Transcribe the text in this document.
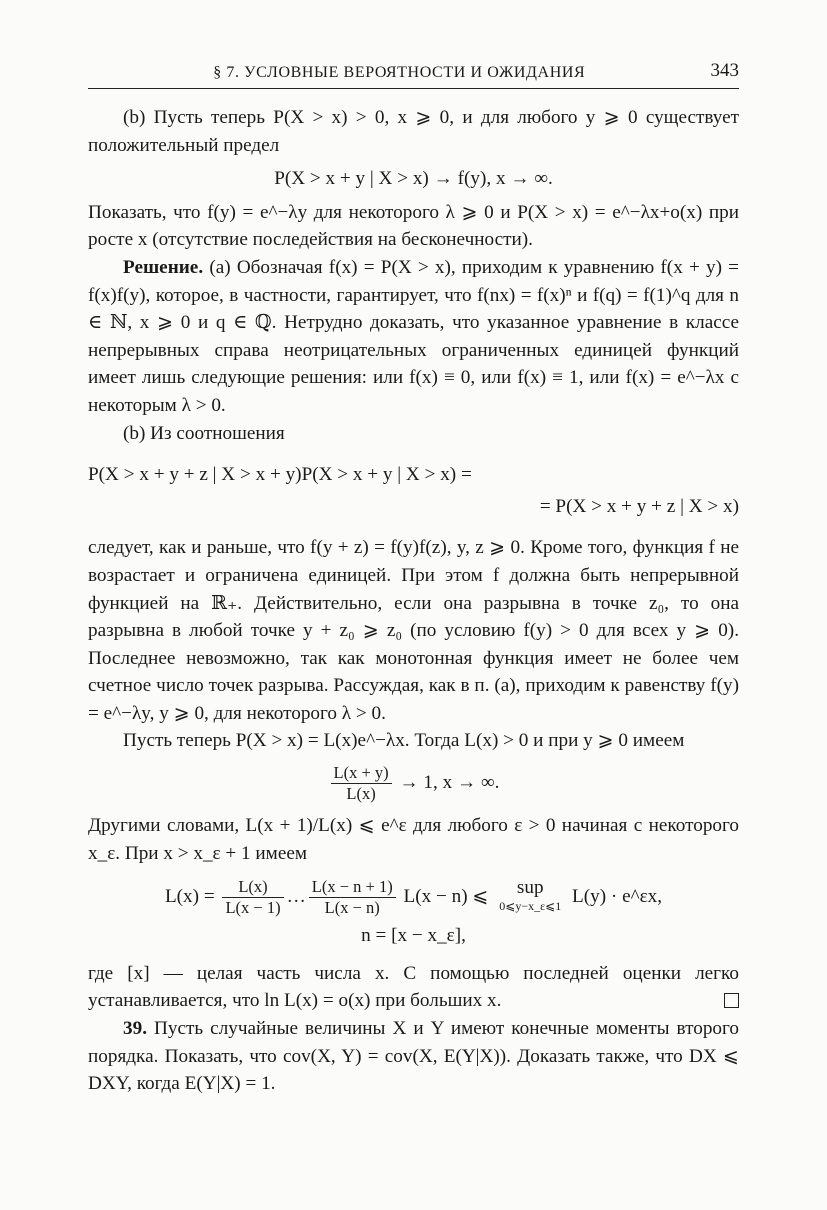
§ 7. УСЛОВНЫЕ ВЕРОЯТНОСТИ И ОЖИДАНИЯ	343

(b) Пусть теперь P(X > x) > 0, x ⩾ 0, и для любого y ⩾ 0 существует положительный предел

P(X > x + y | X > x) → f(y), x → ∞.

Показать, что f(y) = e^−λy для некоторого λ ⩾ 0 и P(X > x) = e^−λx+o(x) при росте x (отсутствие последействия на бесконечности).

Решение. (a) Обозначая f(x) = P(X > x), приходим к уравнению f(x + y) = f(x)f(y), которое, в частности, гарантирует, что f(nx) = f(x)ⁿ и f(q) = f(1)^q для n ∈ ℕ, x ⩾ 0 и q ∈ ℚ. Нетрудно доказать, что указанное уравнение в классе непрерывных справа неотрицательных ограниченных единицей функций имеет лишь следующие решения: или f(x) ≡ 0, или f(x) ≡ 1, или f(x) = e^−λx с некоторым λ > 0.

(b) Из соотношения

P(X > x + y + z | X > x + y)P(X > x + y | X > x) =
= P(X > x + y + z | X > x)

следует, как и раньше, что f(y + z) = f(y)f(z), y, z ⩾ 0. Кроме того, функция f не возрастает и ограничена единицей. При этом f должна быть непрерывной функцией на ℝ₊. Действительно, если она разрывна в точке z₀, то она разрывна в любой точке y + z₀ ⩾ z₀ (по условию f(y) > 0 для всех y ⩾ 0). Последнее невозможно, так как монотонная функция имеет не более чем счетное число точек разрыва. Рассуждая, как в п. (a), приходим к равенству f(y) = e^−λy, y ⩾ 0, для некоторого λ > 0.

Пусть теперь P(X > x) = L(x)e^−λx. Тогда L(x) > 0 и при y ⩾ 0 имеем

$\frac{L(x + y)}{L(x)} \to 1$, x → ∞.

Другими словами, L(x + 1)/L(x) ⩽ e^ε для любого ε > 0 начиная с некоторого x_ε. При x > x_ε + 1 имеем

$L(x) = \frac{L(x)}{L(x - 1)}$ … $\frac{L(x - n + 1)}{L(x - n)} L(x - n)$ ⩽ sup
0⩽y−x_ε⩽1 L(y) · e^εx,
n = [x − x_ε],

где [x] — целая часть числа x. С помощью последней оценки легко устанавливается, что ln L(x) = o(x) при больших x.

39. Пусть случайные величины X и Y имеют конечные моменты второго порядка. Показать, что cov(X, Y) = cov(X, E(Y|X)). Доказать также, что DX ⩽ DXY, когда E(Y|X) = 1.
